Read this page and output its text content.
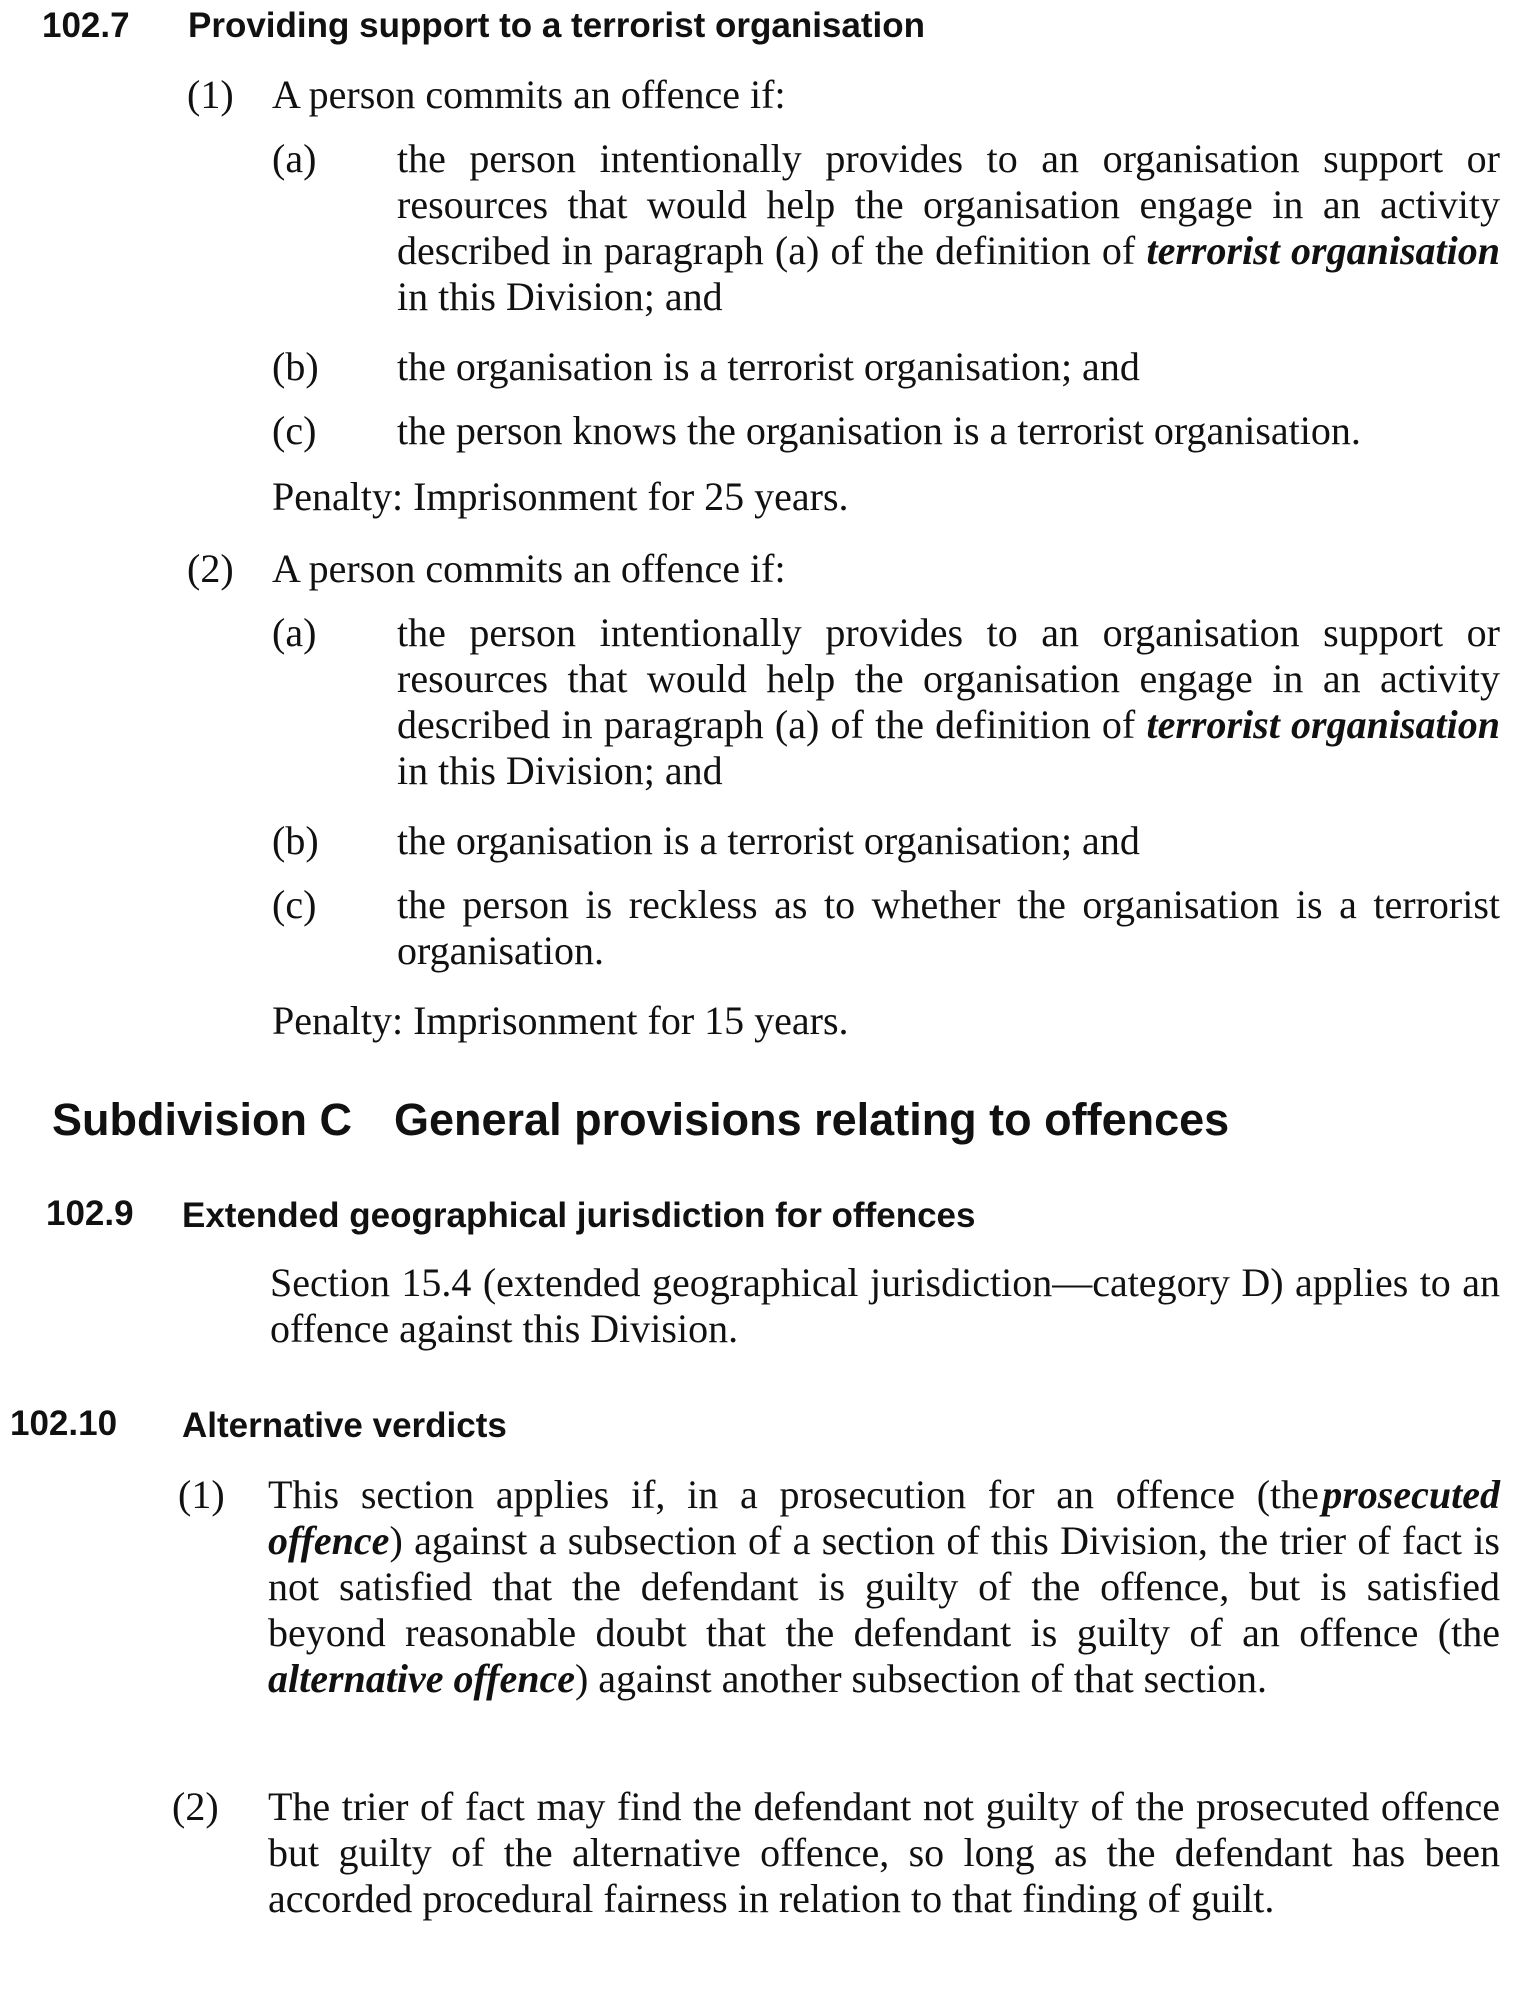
102.7 Providing support to a terrorist organisation
(1) A person commits an offence if:
(a) the person intentionally provides to an organisation support or resources that would help the organisation engage in an activity described in paragraph (a) of the definition of terrorist organisation in this Division; and
(b) the organisation is a terrorist organisation; and
(c) the person knows the organisation is a terrorist organisation.
Penalty: Imprisonment for 25 years.
(2) A person commits an offence if:
(a) the person intentionally provides to an organisation support or resources that would help the organisation engage in an activity described in paragraph (a) of the definition of terrorist organisation in this Division; and
(b) the organisation is a terrorist organisation; and
(c) the person is reckless as to whether the organisation is a terrorist organisation.
Penalty: Imprisonment for 15 years.
Subdivision C General provisions relating to offences
102.9 Extended geographical jurisdiction for offences
Section 15.4 (extended geographical jurisdiction—category D) applies to an offence against this Division.
102.10 Alternative verdicts
(1) This section applies if, in a prosecution for an offence (the prosecuted offence) against a subsection of a section of this Division, the trier of fact is not satisfied that the defendant is guilty of the offence, but is satisfied beyond reasonable doubt that the defendant is guilty of an offence (the alternative offence) against another subsection of that section.
(2) The trier of fact may find the defendant not guilty of the prosecuted offence but guilty of the alternative offence, so long as the defendant has been accorded procedural fairness in relation to that finding of guilt.
